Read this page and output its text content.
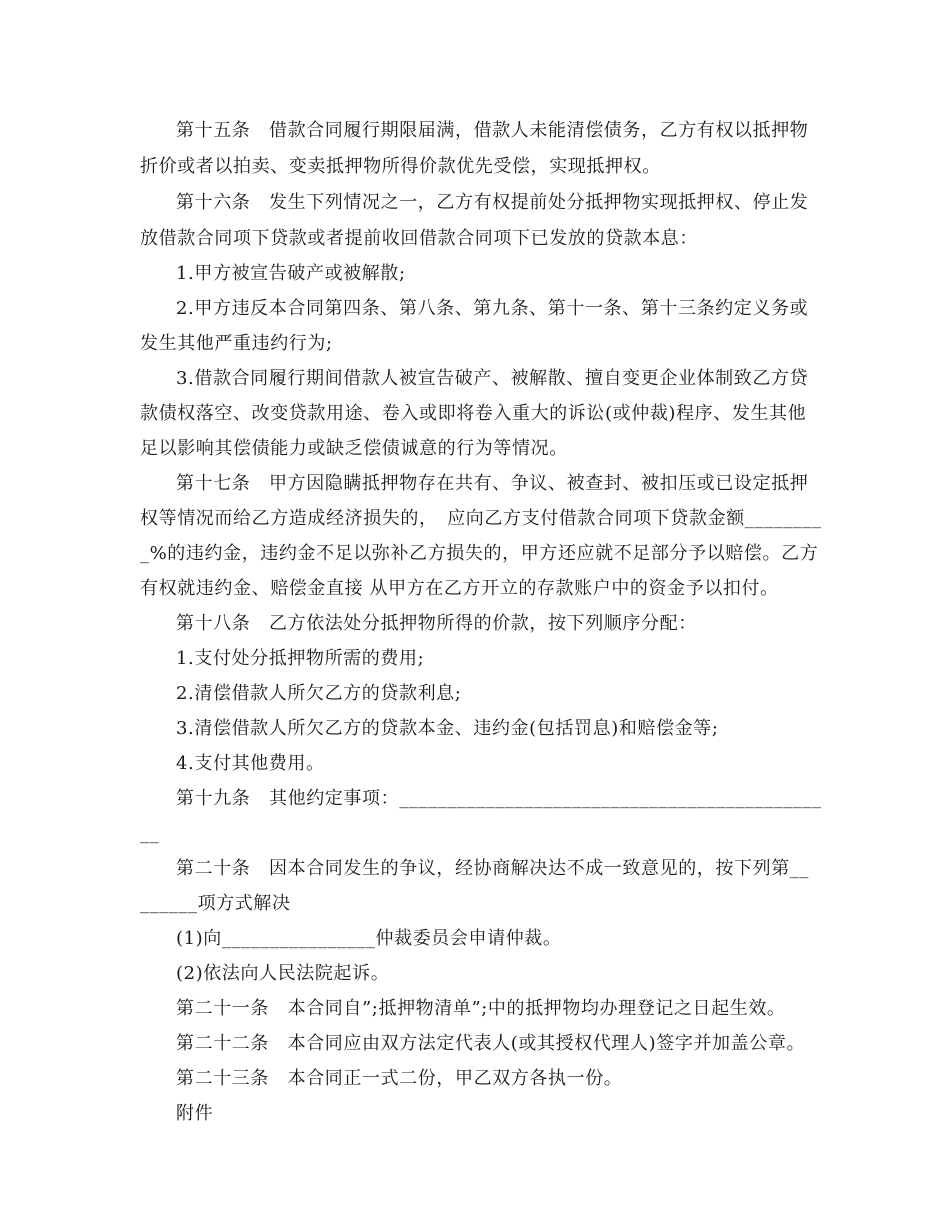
第十五条　借款合同履行期限届满，借款人未能清偿债务，乙方有权以抵押物
折价或者以拍卖、变卖抵押物所得价款优先受偿，实现抵押权。
第十六条　发生下列情况之一，乙方有权提前处分抵押物实现抵押权、停止发
放借款合同项下贷款或者提前收回借款合同项下已发放的贷款本息：
1.甲方被宣告破产或被解散;
2.甲方违反本合同第四条、第八条、第九条、第十一条、第十三条约定义务或
发生其他严重违约行为;
3.借款合同履行期间借款人被宣告破产、被解散、擅自变更企业体制致乙方贷
款债权落空、改变贷款用途、卷入或即将卷入重大的诉讼(或仲裁)程序、发生其他
足以影响其偿债能力或缺乏偿债诚意的行为等情况。
第十七条　甲方因隐瞒抵押物存在共有、争议、被查封、被扣压或已设定抵押
权等情况而给乙方造成经济损失的，　应向乙方支付借款合同项下贷款金额________
_%的违约金，违约金不足以弥补乙方损失的，甲方还应就不足部分予以赔偿。乙方
有权就违约金、赔偿金直接 从甲方在乙方开立的存款账户中的资金予以扣付。
第十八条　乙方依法处分抵押物所得的价款，按下列顺序分配：
1.支付处分抵押物所需的费用;
2.清偿借款人所欠乙方的贷款利息;
3.清偿借款人所欠乙方的贷款本金、违约金(包括罚息)和赔偿金等;
4.支付其他费用。
第十九条　其他约定事项：____________________________________________
__
第二十条　因本合同发生的争议，经协商解决达不成一致意见的，按下列第__
______项方式解决
(1)向________________仲裁委员会申请仲裁。
(2)依法向人民法院起诉。
第二十一条　本合同自”;抵押物清单”;中的抵押物均办理登记之日起生效。
第二十二条　本合同应由双方法定代表人(或其授权代理人)签字并加盖公章。
第二十三条　本合同正一式二份，甲乙双方各执一份。
附件
